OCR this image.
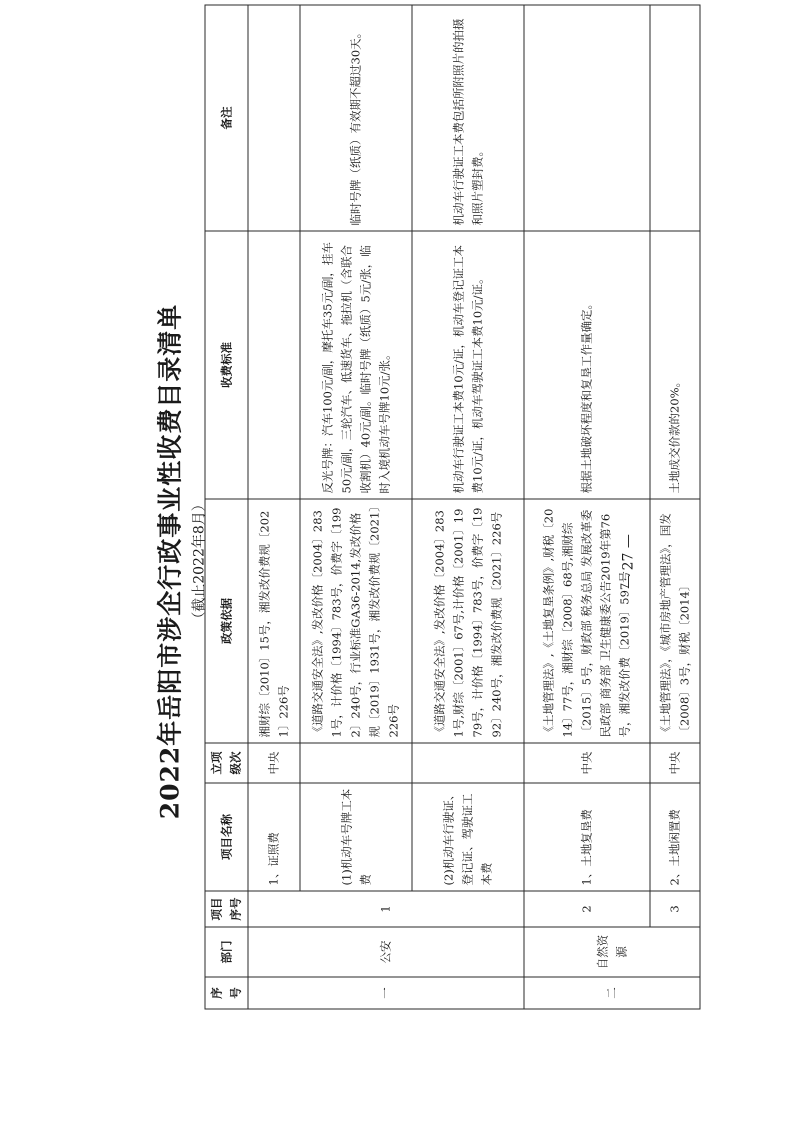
2022年岳阳市涉企行政事业性收费目录清单 （截止2022年8月）
序号	部门	项目序号	项目名称	立项级次	政策依据	收费标准	备注
一	公安	1	1、证照费	中央	湘财综〔2010〕15号，湘发改价费规〔2021〕226号		
			(1)机动车号牌工本费		《道路交通安全法》,发改价格〔2004〕2831号，计价格〔1994〕783号，价费字〔1992〕240号，行业标准GA36-2014,发改价格规〔2019〕1931号，湘发改价费规〔2021〕226号	反光号牌：汽车100元/副，摩托车35元/副，挂车50元/副，三轮汽车、低速货车、拖拉机（含联合收割机）40元/副。临时号牌（纸质）5元/张，临时入境机动车号牌10元/张。	临时号牌（纸质）有效期不超过30天。
			(2)机动车行驶证、登记证、驾驶证工本费		《道路交通安全法》,发改价格〔2004〕2831号,财综〔2001〕67号,计价格〔2001〕1979号，计价格〔1994〕783号，价费字〔1992〕240号，湘发改价费规〔2021〕226号	机动车行驶证工本费10元/证，机动车登记证工本费10元/证，机动车驾驶证工本费10元/证。	机动车行驶证工本费包括所附照片的拍摄和照片塑封费。
二	自然资源	2	1、土地复垦费	中央	《土地管理法》,《土地复垦条例》,财税〔2014〕77号，湘财综〔2008〕68号,湘财综〔2015〕5号，财政部 税务总局 发展改革委 民政部 商务部 卫生健康委公告2019年第76号，湘发改价费〔2019〕597号	根据土地破坏程度和复垦工作量确定。	
		3	2、土地闲置费	中央	《土地管理法》，《城市房地产管理法》，国发〔2008〕3号，财税〔2014〕	土地成交价款的20%。	
— 27 —
